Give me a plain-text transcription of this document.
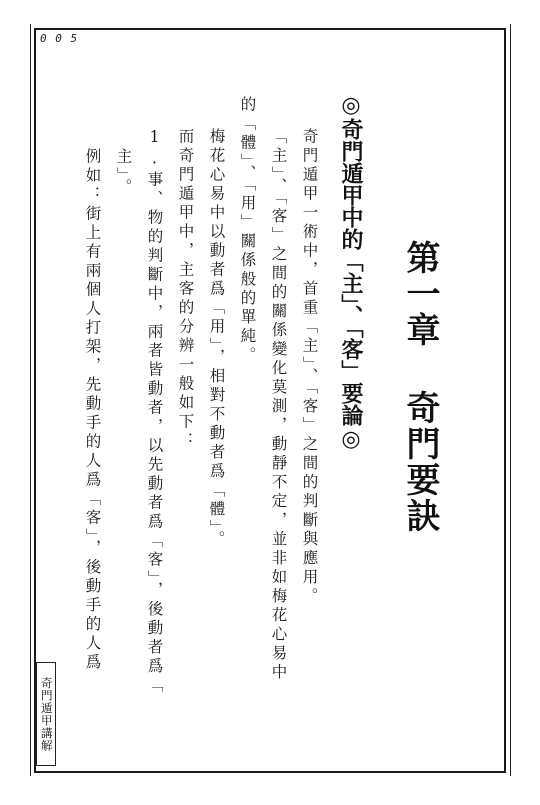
0 0 5
第一章 奇門要訣
◎奇門遁甲中的「主」、「客」要論◎
奇門遁甲一術中，首重「主」、「客」之間的判斷與應用。
「主」、「客」之間的關係變化莫測，動靜不定，並非如梅花心易中
的「體」、「用」關係般的單純。
梅花心易中以動者爲「用」，相對不動者爲「體」。
而奇門遁甲中，主客的分辨一般如下：
1.事、物的判斷中，兩者皆動者，以先動者爲「客」，後動者爲「
主」。
例如：街上有兩個人打架，先動手的人爲「客」，後動手的人爲
奇門遁甲講解
